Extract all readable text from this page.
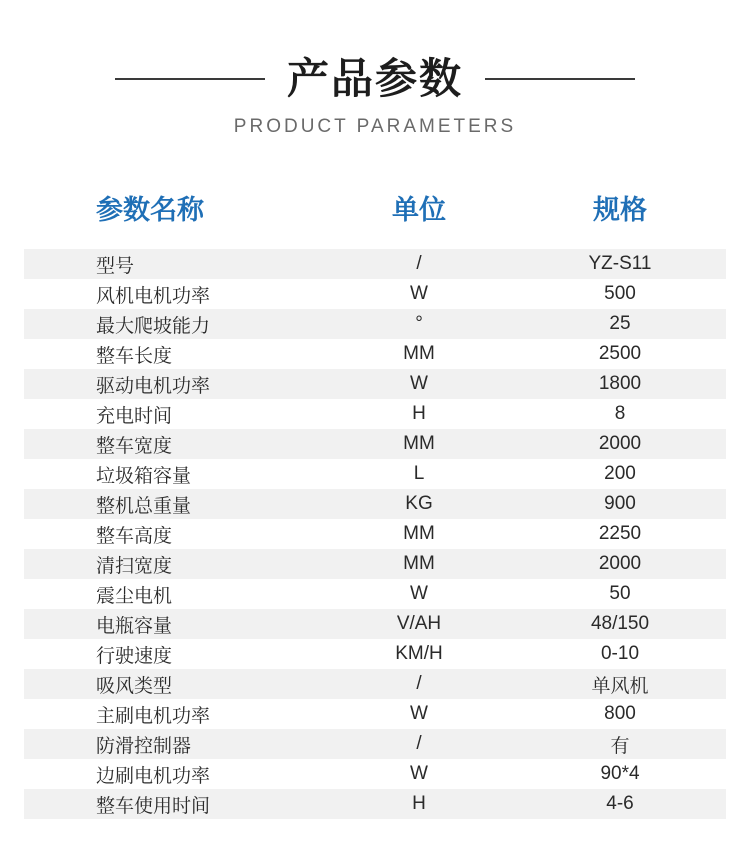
产品参数
PRODUCT PARAMETERS
参数名称	单位	规格
型号	/	YZ-S11
风机电机功率	W	500
最大爬坡能力	°	25
整车长度	MM	2500
驱动电机功率	W	1800
充电时间	H	8
整车宽度	MM	2000
垃圾箱容量	L	200
整机总重量	KG	900
整车高度	MM	2250
清扫宽度	MM	2000
震尘电机	W	50
电瓶容量	V/AH	48/150
行驶速度	KM/H	0-10
吸风类型	/	单风机
主刷电机功率	W	800
防滑控制器	/	有
边刷电机功率	W	90*4
整车使用时间	H	4-6
